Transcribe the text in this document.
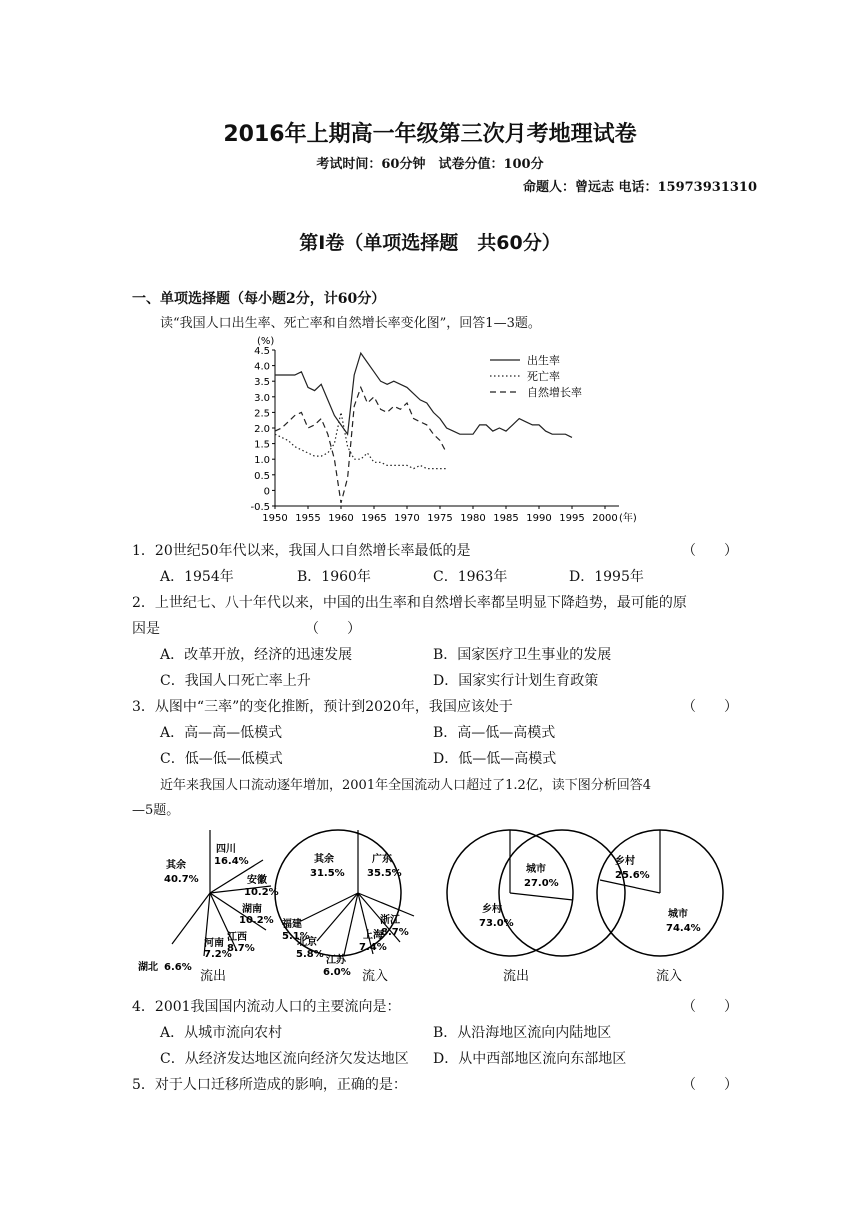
2016年上期高一年级第三次月考地理试卷
考试时间：60分钟　试卷分值：100分
命题人：曾远志 电话：15973931310
第Ⅰ卷（单项选择题　共60分）
一、单项选择题（每小题2分，计60分）
读“我国人口出生率、死亡率和自然增长率变化图”，回答1—3题。
4.5
4.0
3.5
3.0
2.5
2.0
1.5
1.0
0.5
0
-0.5
1950 1955 1960 1965 1970 1975 1980 1985 1990 1995 2000
(%)
(年)
出生率
死亡率
自然增长率
1．20世纪50年代以来，我国人口自然增长率最低的是	（　　）
A．1954年	B．1960年	C．1963年	D．1995年
2．上世纪七、八十年代以来，中国的出生率和自然增长率都呈明显下降趋势，最可能的原
因是	（　　）
A．改革开放，经济的迅速发展	B．国家医疗卫生事业的发展
C．我国人口死亡率上升	D．国家实行计划生育政策
3．从图中“三率”的变化推断，预计到2020年，我国应该处于	（　　）
A．高—高—低模式	B．高—低—高模式
C．低—低—低模式	D．低—低—高模式
近年来我国人口流动逐年增加，2001年全国流动人口超过了1.2亿，读下图分析回答4
—5题。
四川
16.4%
安徽
10.2%
湖南
10.2%
江西
8.7%
河南
7.2%
湖北 6.6%
其余
40.7%
流出
广东
35.5%
浙江
8.7%
上海
7.4%
江苏
6.0%
北京
5.8%
福建
5.1%
其余
31.5%
流入
城市
27.0%
乡村
73.0%
流出
乡村
25.6%
城市
74.4%
流入
4．2001我国国内流动人口的主要流向是：	（　　）
A．从城市流向农村	B．从沿海地区流向内陆地区
C．从经济发达地区流向经济欠发达地区 D．从中西部地区流向东部地区
5．对于人口迁移所造成的影响，正确的是：	（　　）
